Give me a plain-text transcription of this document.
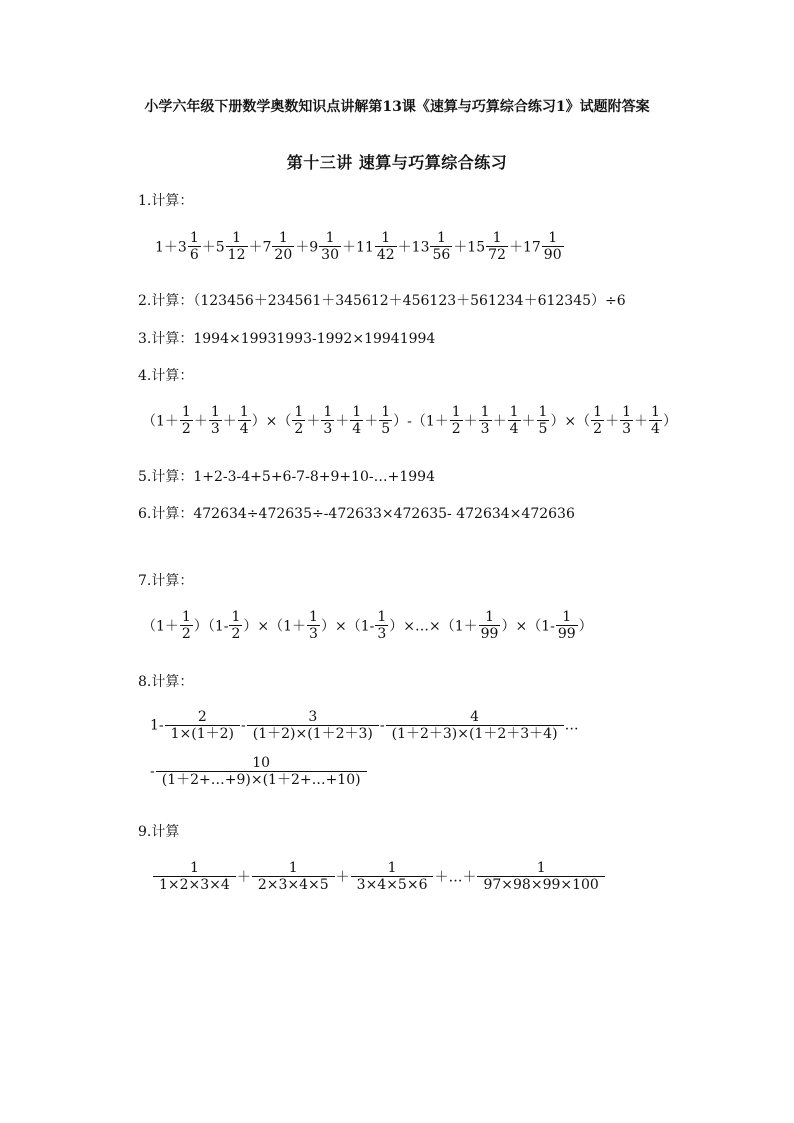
小学六年级下册数学奥数知识点讲解第13课《速算与巧算综合练习1》试题附答案
第十三讲 速算与巧算综合练习
1.计算：
$1+3 \frac{1}{6} +5 \frac{1}{12} +7 \frac{1}{20} +9 \frac{1}{30} +11 \frac{1}{42} +13 \frac{1}{56} +15 \frac{1}{72} +17 \frac{1}{90}$
2.计算：（123456＋234561＋345612＋456123＋561234＋612345）÷6
3.计算：1994×19931993-1992×19941994
4.计算：
（$1+ \frac{1}{2} + \frac{1}{3} + \frac{1}{4}$ ）×（ $\frac{1}{2} + \frac{1}{3} + \frac{1}{4} + \frac{1}{5} )-(1+ \frac{1}{2} + \frac{1}{3} + \frac{1}{4} + \frac{1}{5}$ ）×（ $\frac{1}{2} + \frac{1}{3} + \frac{1}{4}$ ）
5.计算：1+2-3-4+5+6-7-8+9+10-…+1994
6.计算：472634÷472635÷-472633×472635- 472634×472636
7.计算：
$(1+ \frac{1}{2} )(1- \frac{1}{2} )\times(1+ \frac{1}{3} )\times(1- \frac{1}{3}$ ）×…×（1＋ $\frac{1}{99} )\times(1- \frac{1}{99}$ ）
8.计算：
$1- \frac{2}{1\times(1+2)} - \frac{3}{(1+2)\times(1+2+3)} - \frac{4}{(1+2+3)\times(1+2+3+4)}$ …
- $\frac{10}{(1+2+\dots+9)\times(1+2+\dots+10)}$
9.计算
$\frac{1}{1\times 2\times 3\times 4} + \frac{1}{2\times 3\times 4\times 5} + \frac{1}{3\times 4\times 5\times 6}$ ＋…＋ $\frac{1}{97\times 98\times 99\times 100}$
